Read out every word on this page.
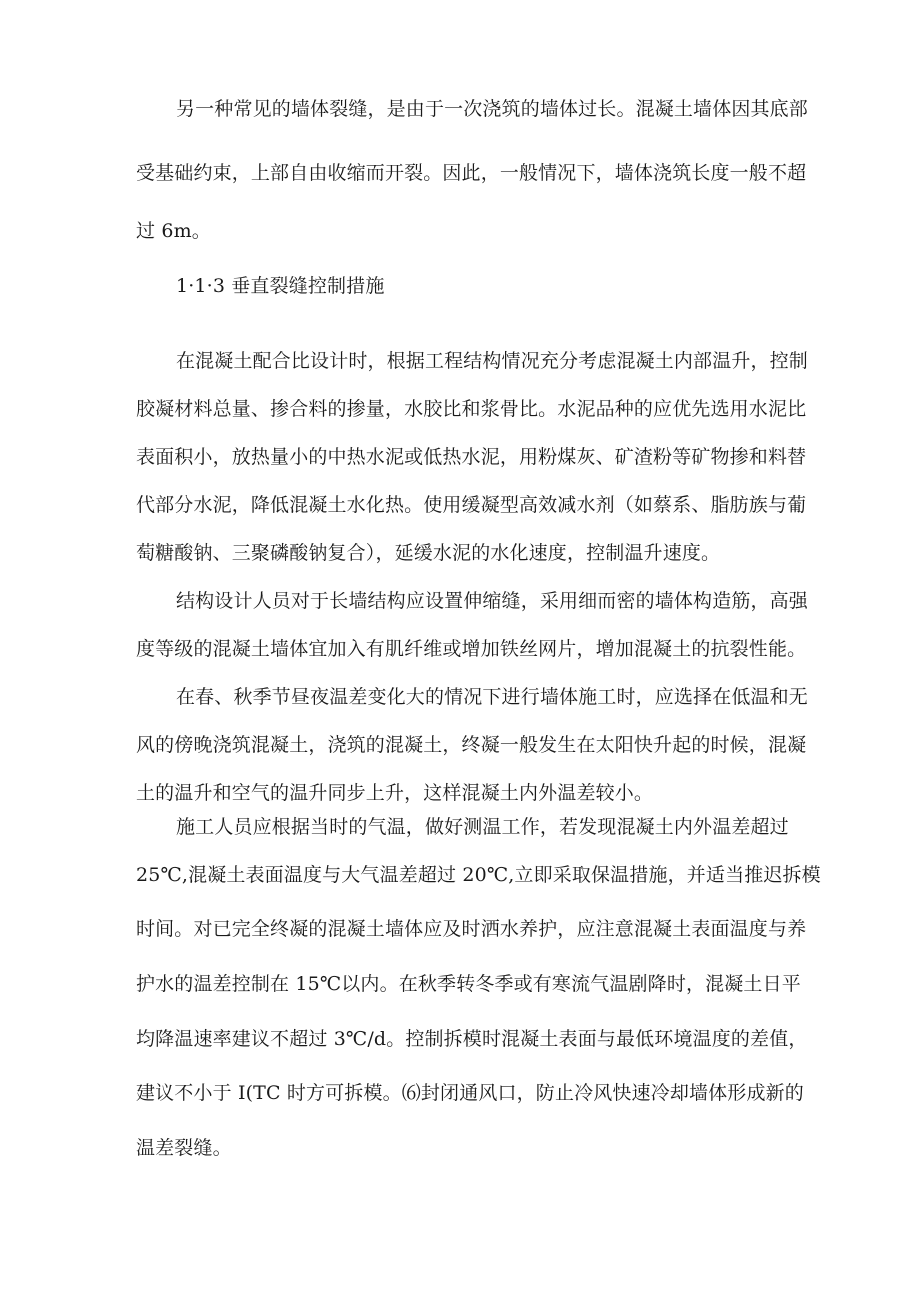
另一种常见的墙体裂缝，是由于一次浇筑的墙体过长。混凝土墙体因其底部
受基础约束，上部自由收缩而开裂。因此，一般情况下，墙体浇筑长度一般不超
过 6m。
1·1·3 垂直裂缝控制措施
在混凝土配合比设计时，根据工程结构情况充分考虑混凝土内部温升，控制
胶凝材料总量、掺合料的掺量，水胶比和浆骨比。水泥品种的应优先选用水泥比
表面积小，放热量小的中热水泥或低热水泥，用粉煤灰、矿渣粉等矿物掺和料替
代部分水泥，降低混凝土水化热。使用缓凝型高效减水剂（如蔡系、脂肪族与葡
萄糖酸钠、三聚磷酸钠复合），延缓水泥的水化速度，控制温升速度。
结构设计人员对于长墙结构应设置伸缩缝，采用细而密的墙体构造筋，高强
度等级的混凝土墙体宜加入有肌纤维或增加铁丝网片，增加混凝土的抗裂性能。
在春、秋季节昼夜温差变化大的情况下进行墙体施工时，应选择在低温和无
风的傍晚浇筑混凝土，浇筑的混凝土，终凝一般发生在太阳快升起的时候，混凝
土的温升和空气的温升同步上升，这样混凝土内外温差较小。
施工人员应根据当时的气温，做好测温工作，若发现混凝土内外温差超过
25℃,混凝土表面温度与大气温差超过 20℃,立即采取保温措施，并适当推迟拆模
时间。对已完全终凝的混凝土墙体应及时洒水养护，应注意混凝土表面温度与养
护水的温差控制在 15℃以内。在秋季转冬季或有寒流气温剧降时，混凝土日平
均降温速率建议不超过 3℃/d。控制拆模时混凝土表面与最低环境温度的差值，
建议不小于 I(TC 时方可拆模。⑹封闭通风口，防止冷风快速冷却墙体形成新的
温差裂缝。
